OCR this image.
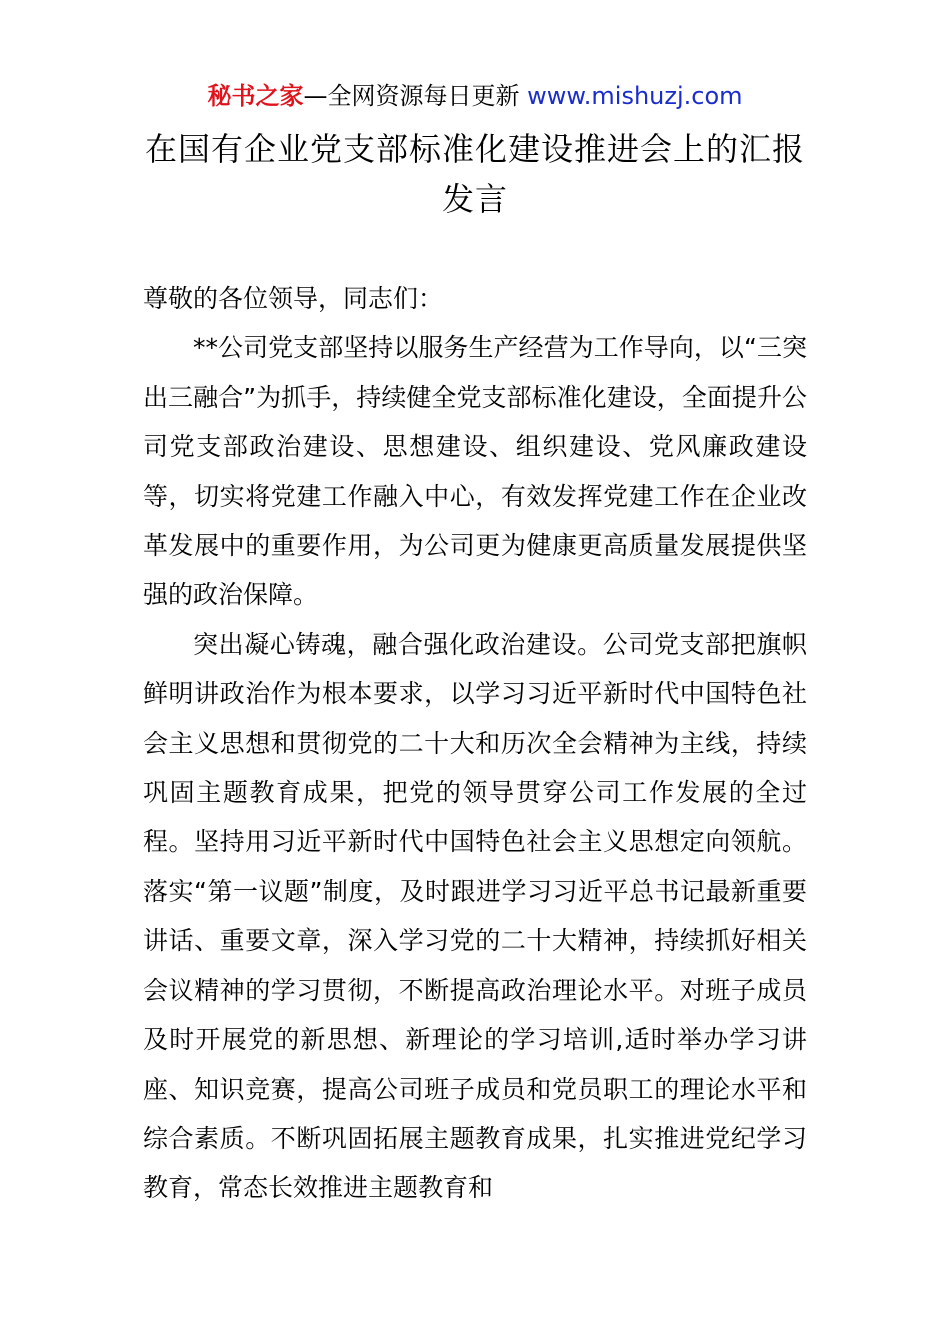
秘书之家—全网资源每日更新 www.mishuzj.com
在国有企业党支部标准化建设推进会上的汇报发言

尊敬的各位领导，同志们：

**公司党支部坚持以服务生产经营为工作导向，以“三突出三融合”为抓手，持续健全党支部标准化建设，全面提升公司党支部政治建设、思想建设、组织建设、党风廉政建设等，切实将党建工作融入中心，有效发挥党建工作在企业改革发展中的重要作用，为公司更为健康更高质量发展提供坚强的政治保障。

突出凝心铸魂，融合强化政治建设。公司党支部把旗帜鲜明讲政治作为根本要求，以学习习近平新时代中国特色社会主义思想和贯彻党的二十大和历次全会精神为主线，持续巩固主题教育成果，把党的领导贯穿公司工作发展的全过程。坚持用习近平新时代中国特色社会主义思想定向领航。落实“第一议题”制度，及时跟进学习习近平总书记最新重要讲话、重要文章，深入学习党的二十大精神，持续抓好相关会议精神的学习贯彻，不断提高政治理论水平。对班子成员及时开展党的新思想、新理论的学习培训,适时举办学习讲座、知识竞赛，提高公司班子成员和党员职工的理论水平和综合素质。不断巩固拓展主题教育成果，扎实推进党纪学习教育，常态长效推进主题教育和
